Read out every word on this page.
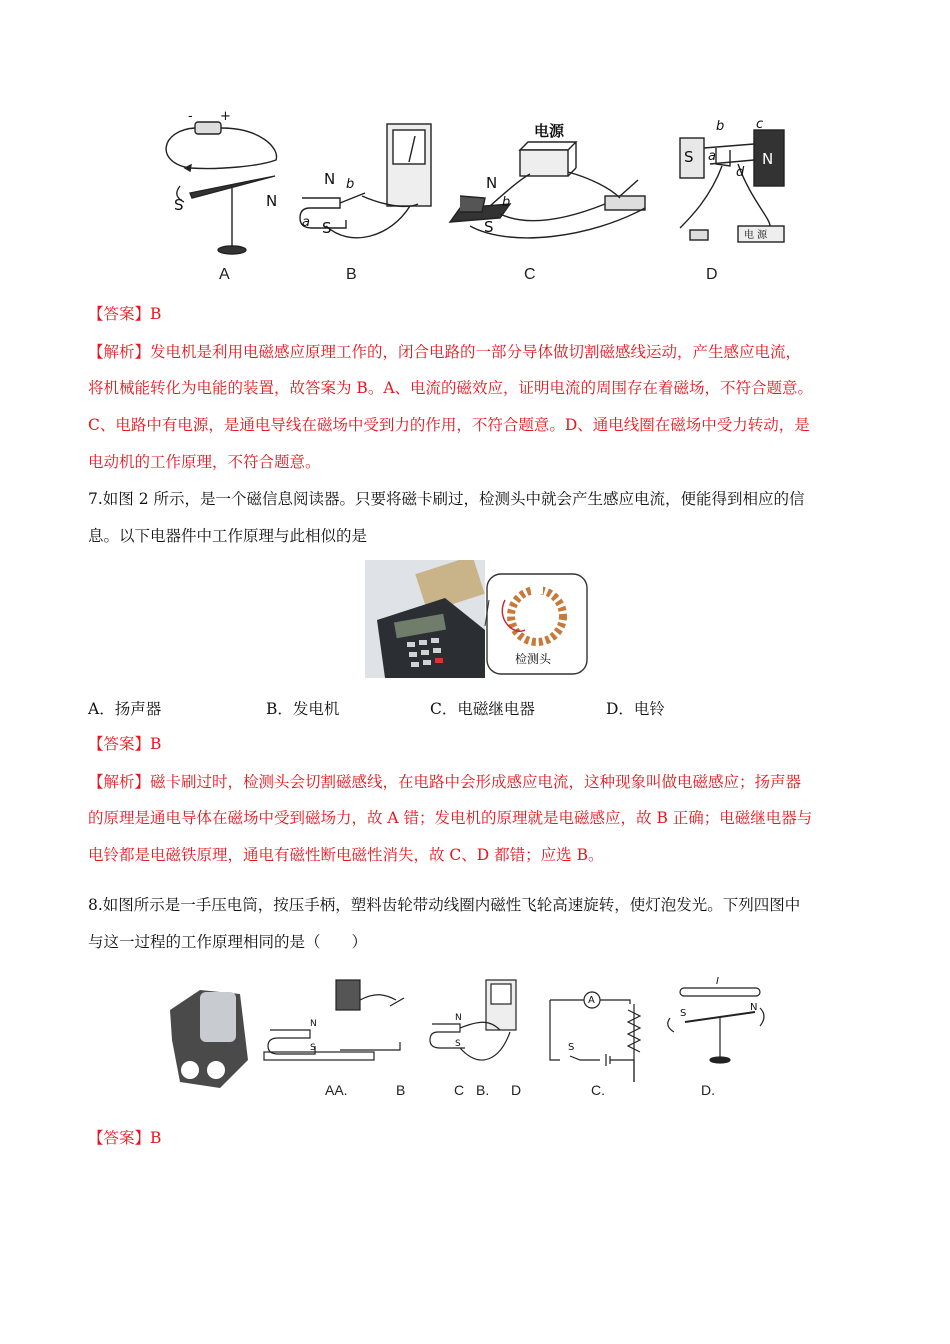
- +
S	N
N
S
a
b
电源
N
S
b
S	N
a
b c
d
电 源
A	B	C	D
【答案】B
【解析】发电机是利用电磁感应原理工作的，闭合电路的一部分导体做切割磁感线运动，产生感应电流，
将机械能转化为电能的装置，故答案为 B。A、电流的磁效应，证明电流的周围存在着磁场，不符合题意。
C、电路中有电源，是通电导线在磁场中受到力的作用，不符合题意。D、通电线圈在磁场中受力转动，是
电动机的工作原理，不符合题意。
7.如图 2 所示，是一个磁信息阅读器。只要将磁卡刷过，检测头中就会产生感应电流，便能得到相应的信
息。以下电器件中工作原理与此相似的是
检测头
A．扬声器	B．发电机	C．电磁继电器	D．电铃
【答案】B
【解析】磁卡刷过时，检测头会切割磁感线，在电路中会形成感应电流，这种现象叫做电磁感应；扬声器
的原理是通电导体在磁场中受到磁场力，故 A 错；发电机的原理就是电磁感应，故 B 正确；电磁继电器与
电铃都是电磁铁原理，通电有磁性断电磁性消失，故 C、D 都错；应选 B。
8.如图所示是一手压电筒，按压手柄，塑料齿轮带动线圈内磁性飞轮高速旋转，使灯泡发光。下列四图中
与这一过程的工作原理相同的是（　　）
N
S
N
S
A
S
I
S
N
AA.	B	C B. D	C.	D.
【答案】B
